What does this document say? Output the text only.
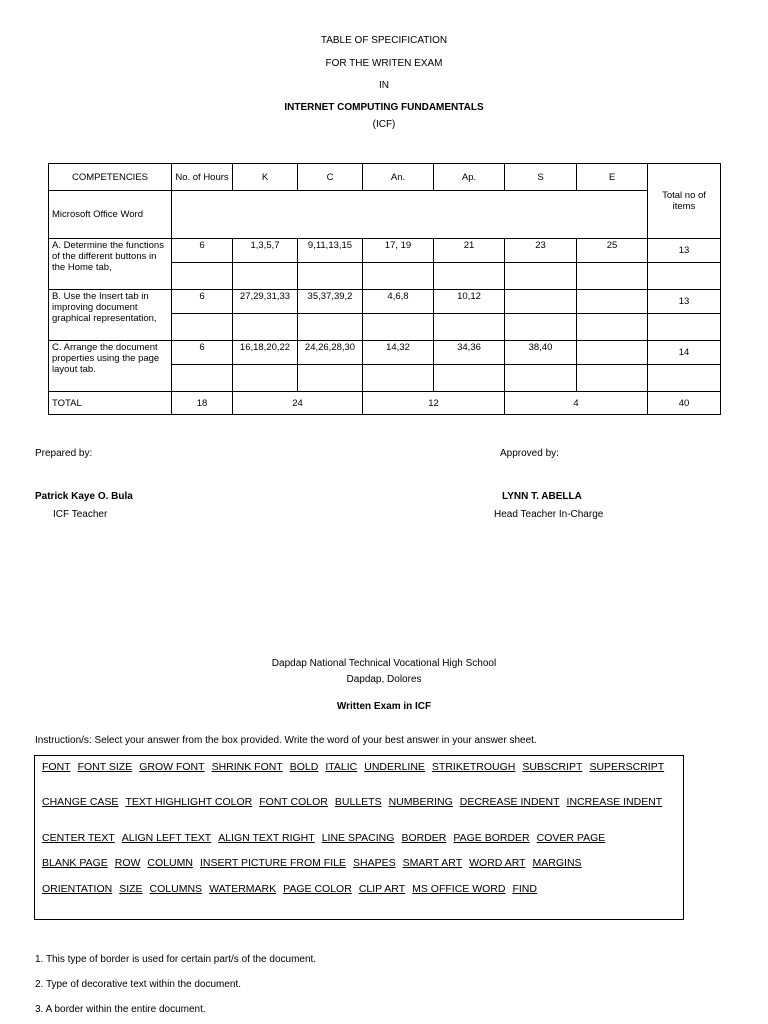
TABLE OF SPECIFICATION
FOR THE WRITEN EXAM
IN
INTERNET COMPUTING FUNDAMENTALS
(ICF)
COMPETENCIES	No. of Hours	K	C	An.	Ap.	S	E	Total no of items
Microsoft Office Word								
A. Determine the functions of the different buttons in the Home tab,	6	1,3,5,7	9,11,13,15	17, 19	21	23	25	13

B. Use the Insert tab in improving document graphical representation,	6	27,29,31,33	35,37,39,2	4,6,8	10,12			13

C. Arrange the document properties using the page layout tab.	6	16,18,20,22	24,26,28,30	14,32	34,36	38,40		14

TOTAL	18	24		12		4		40
Prepared by:
Patrick Kaye O. Bula
ICF Teacher
Approved by:
LYNN T. ABELLA
Head Teacher In-Charge
Dapdap National Technical Vocational High School
Dapdap, Dolores
Written Exam in ICF
Instruction/s: Select your answer from the box provided. Write the word of your best answer in your answer sheet.
FONT FONT SIZE GROW FONT SHRINK FONT BOLD ITALIC UNDERLINE STRIKETROUGH SUBSCRIPT SUPERSCRIPT
CHANGE CASE TEXT HIGHLIGHT COLOR FONT COLOR BULLETS NUMBERING DECREASE INDENT INCREASE INDENT
CENTER TEXT ALIGN LEFT TEXT ALIGN TEXT RIGHT LINE SPACING BORDER PAGE BORDER COVER PAGE
BLANK PAGE ROW COLUMN INSERT PICTURE FROM FILE SHAPES SMART ART WORD ART MARGINS
ORIENTATION SIZE COLUMNS WATERMARK PAGE COLOR CLIP ART MS OFFICE WORD FIND
1. This type of border is used for certain part/s of the document.
2. Type of decorative text within the document.
3. A border within the entire document.
